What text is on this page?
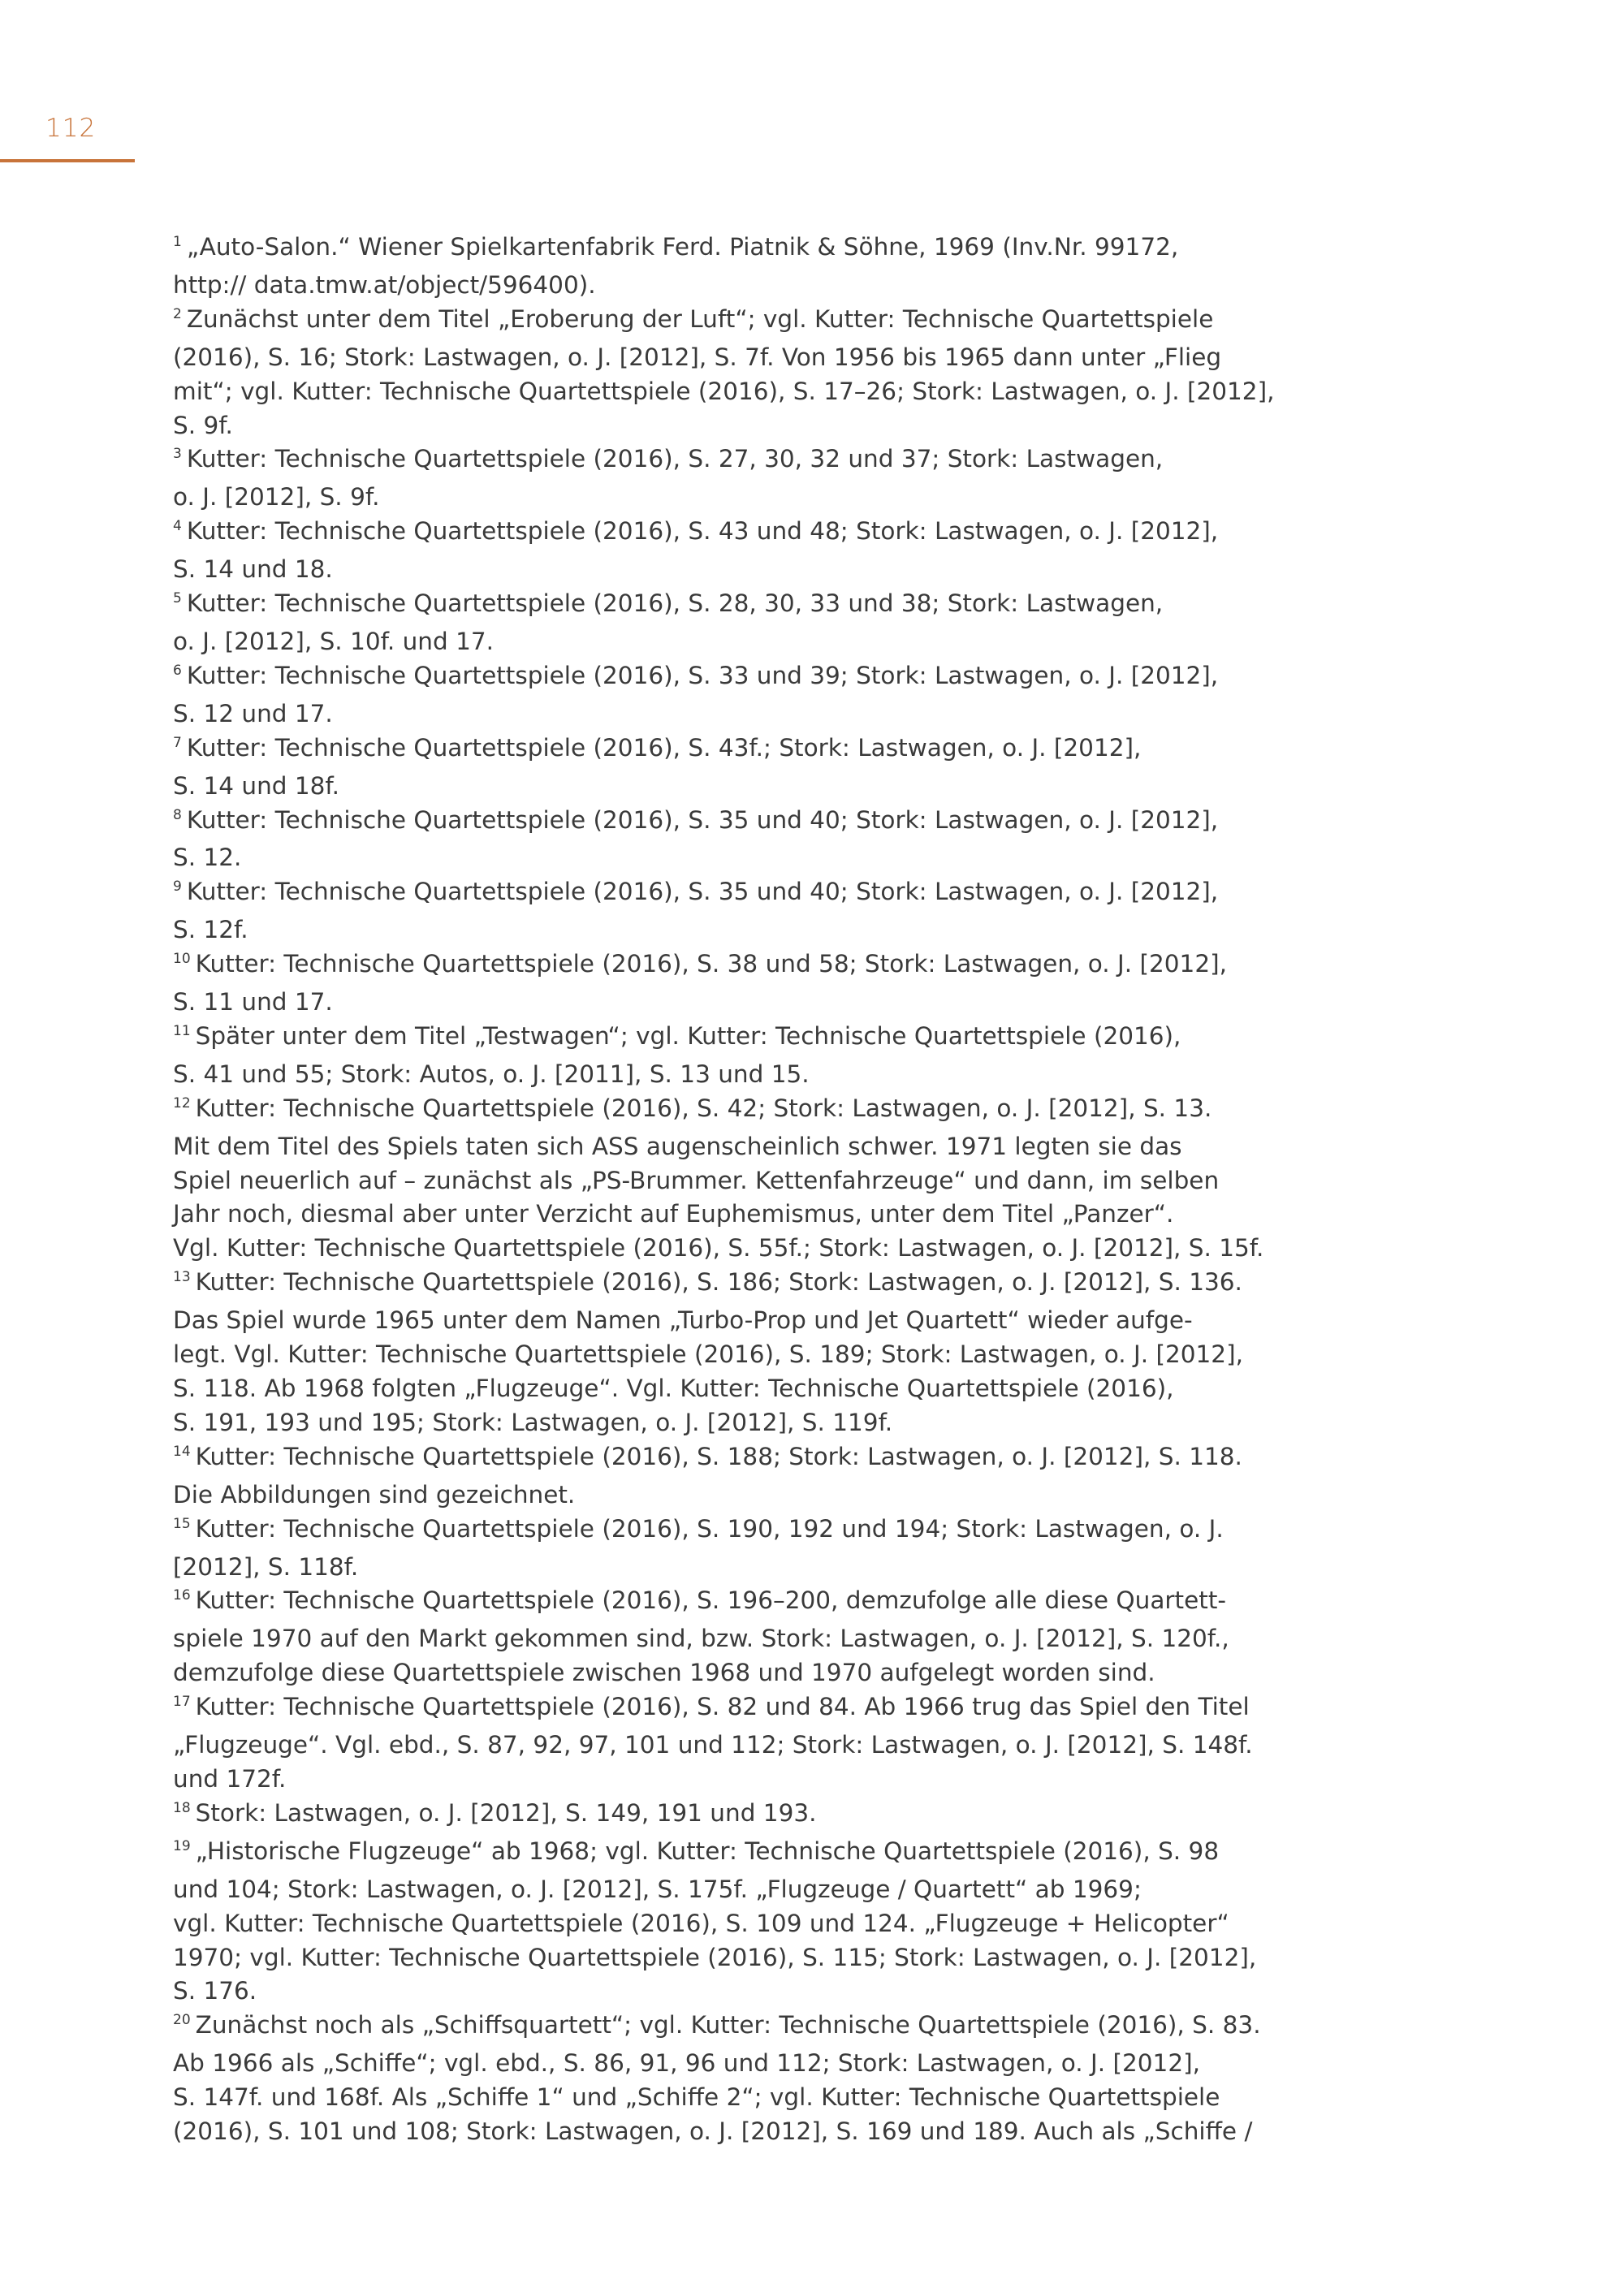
112
$^1$ „Auto-Salon.“ Wiener Spielkartenfabrik Ferd. Piatnik & Söhne, 1969 (Inv.Nr. 99172,
http:// data.tmw.at/object/596400).
$^2$ Zunächst unter dem Titel „Eroberung der Luft“; vgl. Kutter: Technische Quartettspiele
(2016), S. 16; Stork: Lastwagen, o. J. [2012], S. 7f. Von 1956 bis 1965 dann unter „Flieg
mit“; vgl. Kutter: Technische Quartettspiele (2016), S. 17–26; Stork: Lastwagen, o. J. [2012],
S. 9f.
$^3$ Kutter: Technische Quartettspiele (2016), S. 27, 30, 32 und 37; Stork: Lastwagen,
o. J. [2012], S. 9f.
$^4$ Kutter: Technische Quartettspiele (2016), S. 43 und 48; Stork: Lastwagen, o. J. [2012],
S. 14 und 18.
$^5$ Kutter: Technische Quartettspiele (2016), S. 28, 30, 33 und 38; Stork: Lastwagen,
o. J. [2012], S. 10f. und 17.
$^6$ Kutter: Technische Quartettspiele (2016), S. 33 und 39; Stork: Lastwagen, o. J. [2012],
S. 12 und 17.
$^7$ Kutter: Technische Quartettspiele (2016), S. 43f.; Stork: Lastwagen, o. J. [2012],
S. 14 und 18f.
$^8$ Kutter: Technische Quartettspiele (2016), S. 35 und 40; Stork: Lastwagen, o. J. [2012],
S. 12.
$^9$ Kutter: Technische Quartettspiele (2016), S. 35 und 40; Stork: Lastwagen, o. J. [2012],
S. 12f.
$^{10}$ Kutter: Technische Quartettspiele (2016), S. 38 und 58; Stork: Lastwagen, o. J. [2012],
S. 11 und 17.
$^{11}$ Später unter dem Titel „Testwagen“; vgl. Kutter: Technische Quartettspiele (2016),
S. 41 und 55; Stork: Autos, o. J. [2011], S. 13 und 15.
$^{12}$ Kutter: Technische Quartettspiele (2016), S. 42; Stork: Lastwagen, o. J. [2012], S. 13.
Mit dem Titel des Spiels taten sich ASS augenscheinlich schwer. 1971 legten sie das
Spiel neuerlich auf – zunächst als „PS-Brummer. Kettenfahrzeuge“ und dann, im selben
Jahr noch, diesmal aber unter Verzicht auf Euphemismus, unter dem Titel „Panzer“.
Vgl. Kutter: Technische Quartettspiele (2016), S. 55f.; Stork: Lastwagen, o. J. [2012], S. 15f.
$^{13}$ Kutter: Technische Quartettspiele (2016), S. 186; Stork: Lastwagen, o. J. [2012], S. 136.
Das Spiel wurde 1965 unter dem Namen „Turbo-Prop und Jet Quartett“ wieder aufge-
legt. Vgl. Kutter: Technische Quartettspiele (2016), S. 189; Stork: Lastwagen, o. J. [2012],
S. 118. Ab 1968 folgten „Flugzeuge“. Vgl. Kutter: Technische Quartettspiele (2016),
S. 191, 193 und 195; Stork: Lastwagen, o. J. [2012], S. 119f.
$^{14}$ Kutter: Technische Quartettspiele (2016), S. 188; Stork: Lastwagen, o. J. [2012], S. 118.
Die Abbildungen sind gezeichnet.
$^{15}$ Kutter: Technische Quartettspiele (2016), S. 190, 192 und 194; Stork: Lastwagen, o. J.
[2012], S. 118f.
$^{16}$ Kutter: Technische Quartettspiele (2016), S. 196–200, demzufolge alle diese Quartett-
spiele 1970 auf den Markt gekommen sind, bzw. Stork: Lastwagen, o. J. [2012], S. 120f.,
demzufolge diese Quartettspiele zwischen 1968 und 1970 aufgelegt worden sind.
$^{17}$ Kutter: Technische Quartettspiele (2016), S. 82 und 84. Ab 1966 trug das Spiel den Titel
„Flugzeuge“. Vgl. ebd., S. 87, 92, 97, 101 und 112; Stork: Lastwagen, o. J. [2012], S. 148f.
und 172f.
$^{18}$ Stork: Lastwagen, o. J. [2012], S. 149, 191 und 193.
$^{19}$ „Historische Flugzeuge“ ab 1968; vgl. Kutter: Technische Quartettspiele (2016), S. 98
und 104; Stork: Lastwagen, o. J. [2012], S. 175f. „Flugzeuge / Quartett“ ab 1969;
vgl. Kutter: Technische Quartettspiele (2016), S. 109 und 124. „Flugzeuge + Helicopter“
1970; vgl. Kutter: Technische Quartettspiele (2016), S. 115; Stork: Lastwagen, o. J. [2012],
S. 176.
$^{20}$ Zunächst noch als „Schiffsquartett“; vgl. Kutter: Technische Quartettspiele (2016), S. 83.
Ab 1966 als „Schiffe“; vgl. ebd., S. 86, 91, 96 und 112; Stork: Lastwagen, o. J. [2012],
S. 147f. und 168f. Als „Schiffe 1“ und „Schiffe 2“; vgl. Kutter: Technische Quartettspiele
(2016), S. 101 und 108; Stork: Lastwagen, o. J. [2012], S. 169 und 189. Auch als „Schiffe /
